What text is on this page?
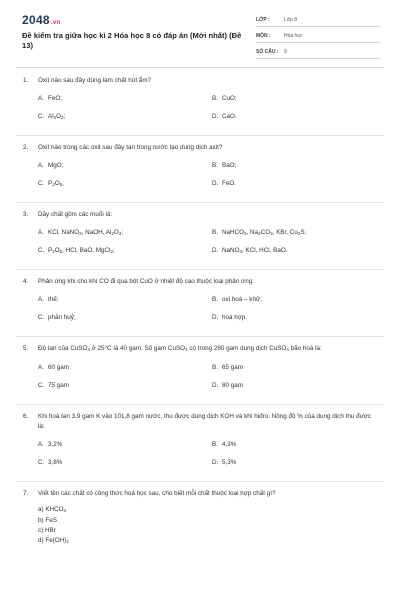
2048.vn
Đề kiểm tra giữa học kì 2 Hóa học 8 có đáp án (Mới nhất) (Đề 13)
LỚP :	Lớp 8
MÔN :	Hóa học
SỐ CÂU :	9
1. Oxit nào sau đây dùng làm chất hút ẩm?
A. FeO;	B. CuO;
C. $Al_2O_3$;	D. CaO.
2. Oxit nào trong các oxit sau đây tan trong nước tạo dung dịch axit?
A. MgO;	B. BaO;
C. $P_2O_5$;	D. FeO.
3. Dãy chất gồm các muối là:
A. KCl, NaNO$_3$, NaOH, $Al_2O_3$;	B. NaHCO$_3$, $Na_2CO_3$, KBr, $Cu_2S$;
C. $P_2O_5$, HCl, BaO, MgCl$_2$;	D. NaNO$_3$, KCl, HCl, BaO.
4. Phản ứng khi cho khí CO đi qua bột CuO ở nhiệt độ cao thuộc loại phản ứng:
A. thế;	B. oxi hoá – khử;
C. phân huỷ;	D. hoá hợp.
5. Độ tan của CuSO$_4$ ở 25°C là 40 gam. Số gam CuSO$_4$ có trong 280 gam dung dịch CuSO$_4$ bão hoà là:
A. 60 gam	B. 65 gam
C. 75 gam	D. 80 gam
6. Khi hoà tan 3,9 gam K vào 101,8 gam nước, thu được dung dịch KOH và khí hiđro. Nồng độ % của dung dịch thu được là:
A. 3,2%	B. 4,3%
C. 3,8%	D. 5,3%
7. Viết tên các chất có công thức hoá học sau, cho biết mỗi chất thuộc loại hợp chất gì?
a) $KHCO_3$
b) FeS
c) HBr
d) $Fe(OH)_2$
